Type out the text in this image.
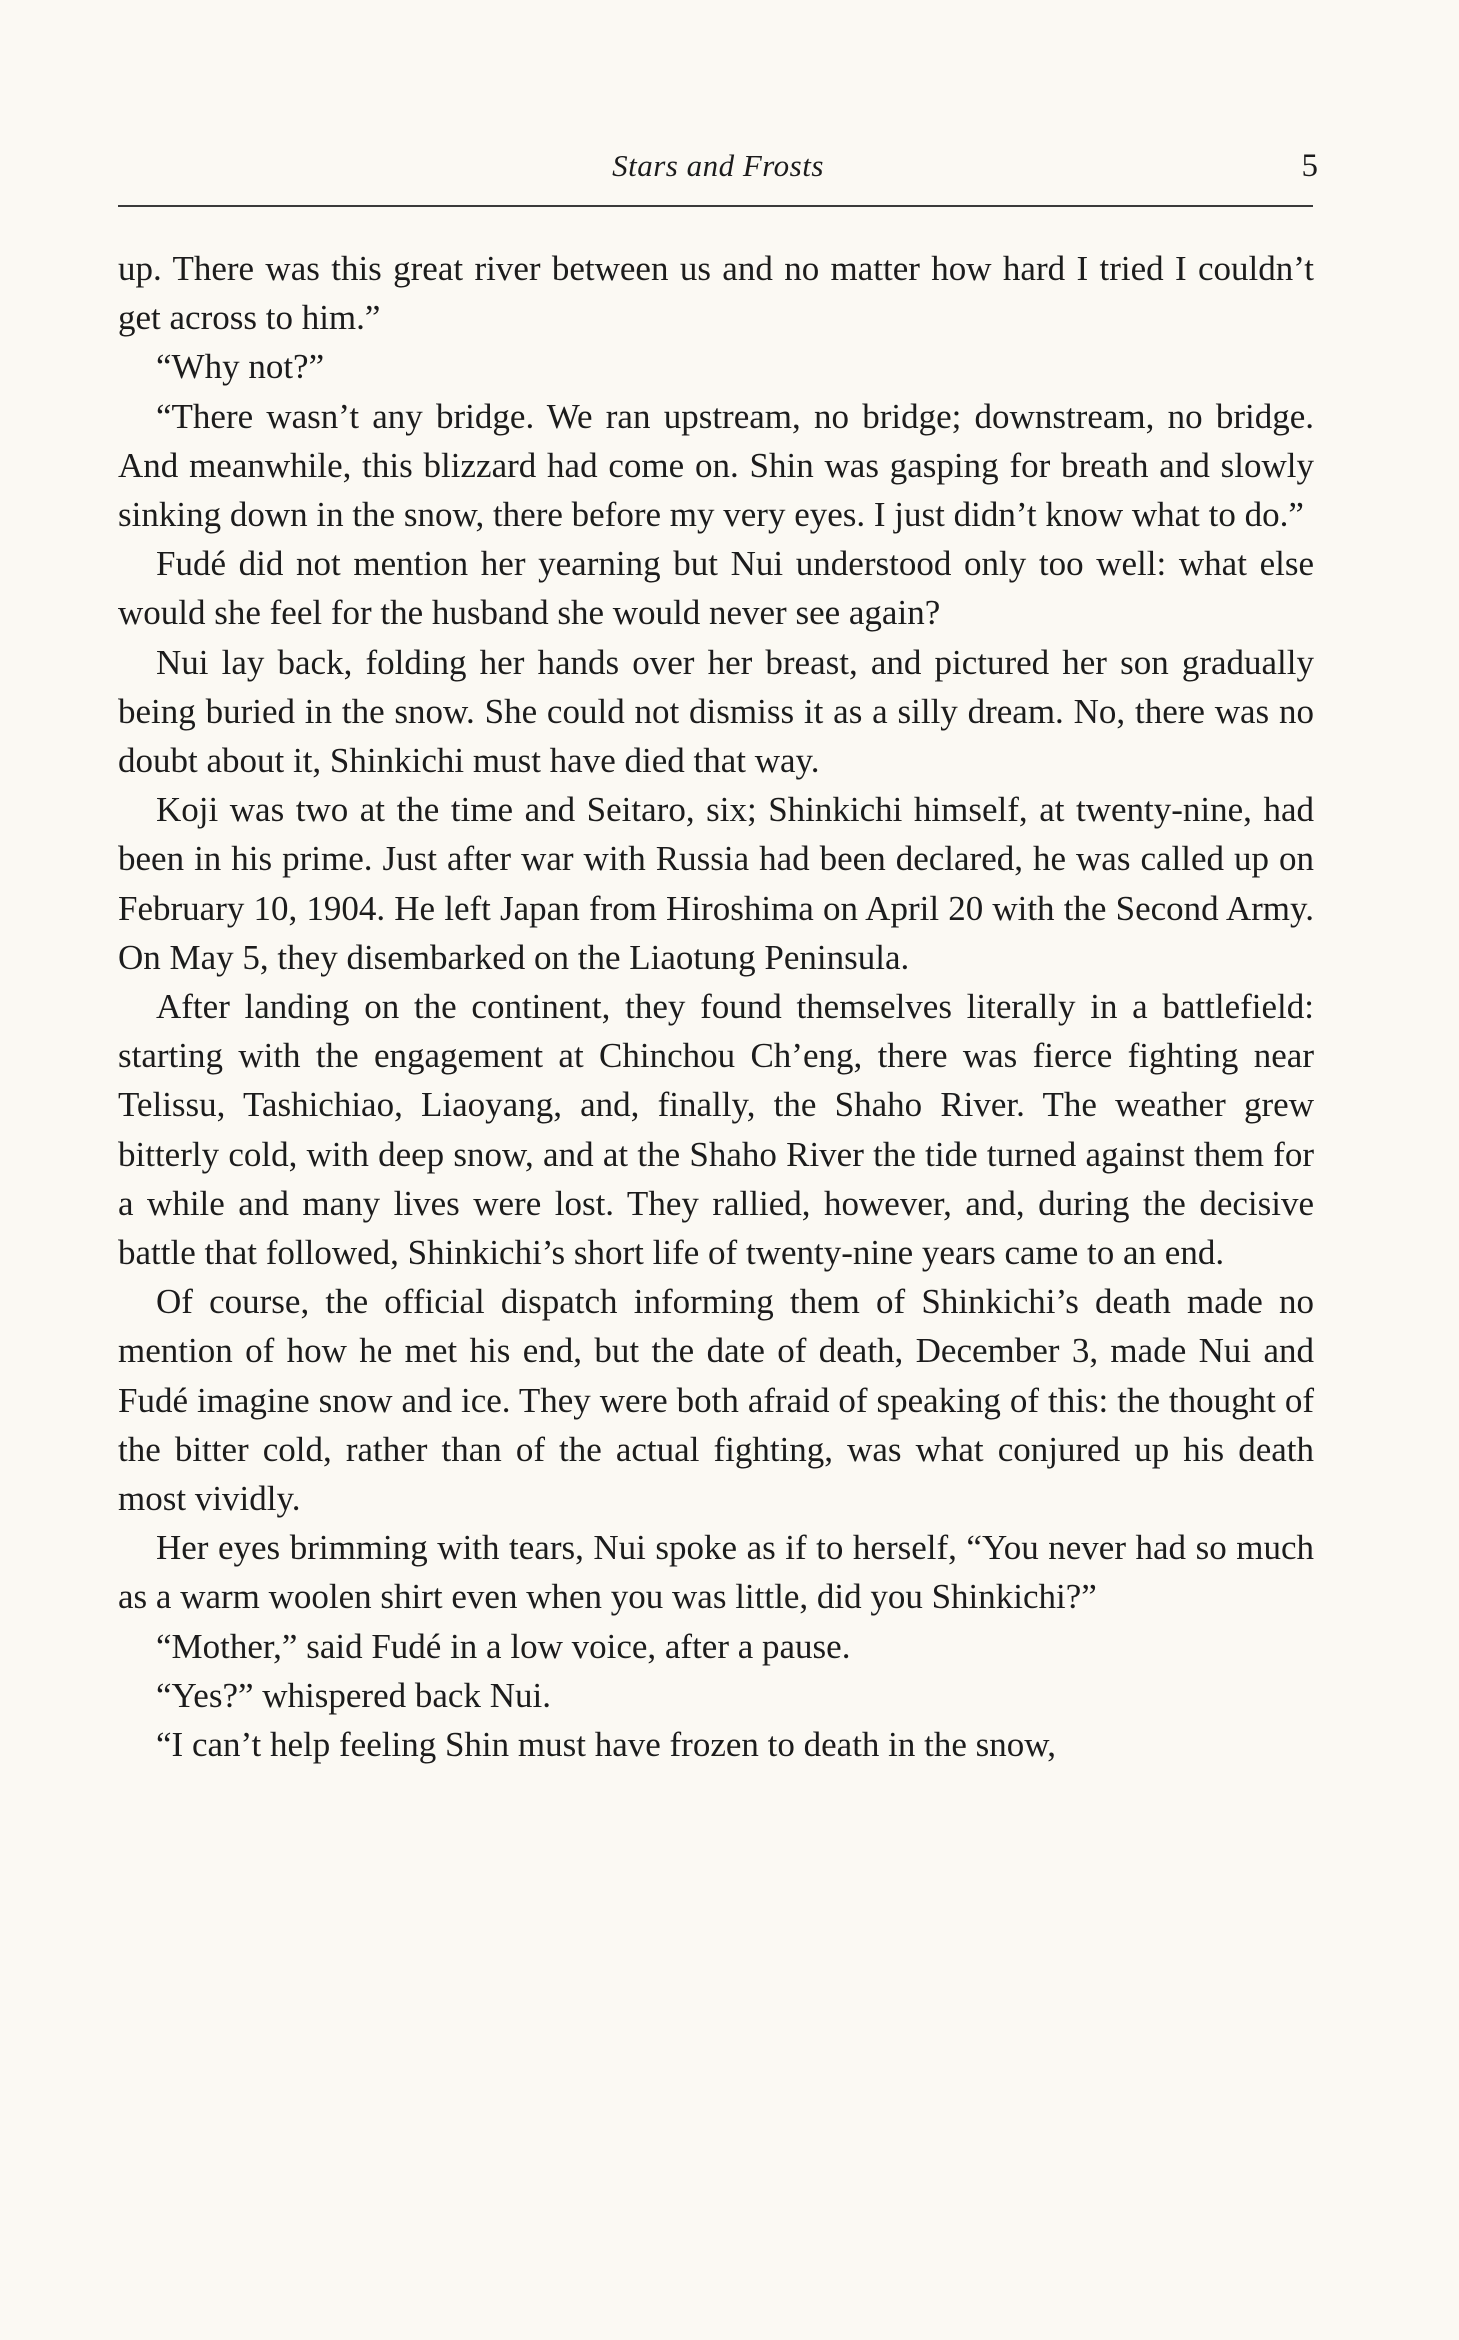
Stars and Frosts	5

up. There was this great river between us and no matter how hard I tried I couldn’t get across to him.”

“Why not?”

“There wasn’t any bridge. We ran upstream, no bridge; downstream, no bridge. And meanwhile, this blizzard had come on. Shin was gasping for breath and slowly sinking down in the snow, there before my very eyes. I just didn’t know what to do.”

Fudé did not mention her yearning but Nui understood only too well: what else would she feel for the husband she would never see again?

Nui lay back, folding her hands over her breast, and pictured her son gradually being buried in the snow. She could not dismiss it as a silly dream. No, there was no doubt about it, Shinkichi must have died that way.

Koji was two at the time and Seitaro, six; Shinkichi himself, at twenty-nine, had been in his prime. Just after war with Russia had been declared, he was called up on February 10, 1904. He left Japan from Hiroshima on April 20 with the Second Army. On May 5, they disembarked on the Liaotung Peninsula.

After landing on the continent, they found themselves literally in a battlefield: starting with the engagement at Chinchou Ch’eng, there was fierce fighting near Telissu, Tashichiao, Liaoyang, and, finally, the Shaho River. The weather grew bitterly cold, with deep snow, and at the Shaho River the tide turned against them for a while and many lives were lost. They rallied, however, and, during the decisive battle that followed, Shinkichi’s short life of twenty-nine years came to an end.

Of course, the official dispatch informing them of Shinkichi’s death made no mention of how he met his end, but the date of death, December 3, made Nui and Fudé imagine snow and ice. They were both afraid of speaking of this: the thought of the bitter cold, rather than of the actual fighting, was what conjured up his death most vividly.

Her eyes brimming with tears, Nui spoke as if to herself, “You never had so much as a warm woolen shirt even when you was little, did you Shinkichi?”

“Mother,” said Fudé in a low voice, after a pause.

“Yes?” whispered back Nui.

“I can’t help feeling Shin must have frozen to death in the snow,
